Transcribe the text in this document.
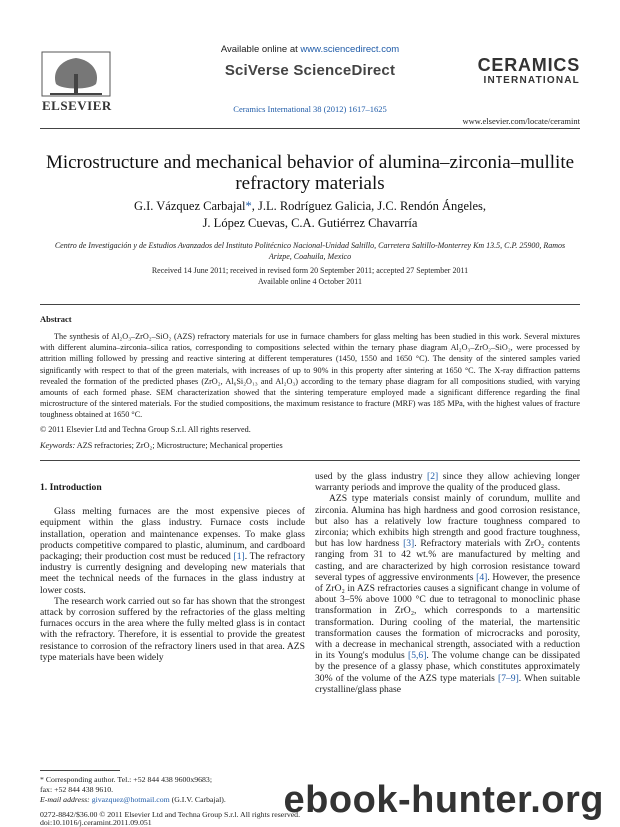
ELSEVIER
Available online at www.sciencedirect.com
SciVerse ScienceDirect
Ceramics International 38 (2012) 1617–1625
CERAMICS
INTERNATIONAL
www.elsevier.com/locate/ceramint
Microstructure and mechanical behavior of alumina–zirconia–mullite refractory materials
G.I. Vázquez Carbajal*, J.L. Rodríguez Galicia, J.C. Rendón Ángeles,
J. López Cuevas, C.A. Gutiérrez Chavarría
Centro de Investigación y de Estudios Avanzados del Instituto Politécnico Nacional-Unidad Saltillo, Carretera Saltillo-Monterrey Km 13.5, C.P. 25900, Ramos Arizpe, Coahuila, Mexico
Received 14 June 2011; received in revised form 20 September 2011; accepted 27 September 2011
Available online 4 October 2011
Abstract
The synthesis of Al₂O₃–ZrO₂–SiO₂ (AZS) refractory materials for use in furnace chambers for glass melting has been studied in this work. Several mixtures with different alumina–zirconia–silica ratios, corresponding to compositions selected within the ternary phase diagram Al₂O₃–ZrO₂–SiO₂, were processed by attrition milling followed by pressing and reactive sintering at different temperatures (1450, 1550 and 1650 °C). The density of the sintered samples varied significantly with respect to that of the green materials, with increases of up to 90% in this property after sintering at 1650 °C. The X-ray diffraction patterns revealed the formation of the predicted phases (ZrO₂, Al₆Si₂O₁₃ and Al₂O₃) according to the ternary phase diagram for all compositions studied, with varying amounts of each formed phase. SEM characterization showed that the sintering temperature employed made a significant difference regarding the final microstructure of the sintered materials. For the studied compositions, the maximum resistance to fracture (MRF) was 185 MPa, with the highest values of fracture toughness obtained at 1650 °C.
© 2011 Elsevier Ltd and Techna Group S.r.l. All rights reserved.
Keywords: AZS refractories; ZrO₂; Microstructure; Mechanical properties
1. Introduction

Glass melting furnaces are the most expensive pieces of equipment within the glass industry. Furnace costs include installation, operation and maintenance expenses. To make glass products competitive compared to plastic, aluminum, and cardboard packaging; their production cost must be reduced [1]. The refractory industry is currently designing and developing new materials that meet the technical needs of the furnaces in the glass industry at lower costs.

The research work carried out so far has shown that the strongest attack by corrosion suffered by the refractories of the glass melting furnaces occurs in the area where the fully melted glass is in contact with the refractory. Therefore, it is essential to provide the greatest resistance to corrosion of the refractory liners used in that area. AZS type materials have been widely

used by the glass industry [2] since they allow achieving longer warranty periods and improve the quality of the produced glass.

AZS type materials consist mainly of corundum, mullite and zirconia. Alumina has high hardness and good corrosion resistance, but also has a relatively low fracture toughness compared to zirconia; which exhibits high strength and good fracture toughness, but has low hardness [3]. Refractory materials with ZrO₂ contents ranging from 31 to 42 wt.% are manufactured by melting and casting, and are characterized by high corrosion resistance toward several types of aggressive environments [4]. However, the presence of ZrO₂ in AZS refractories causes a significant change in volume of about 3–5% above 1000 °C due to tetragonal to monoclinic phase transformation in ZrO₂, which corresponds to a martensitic transformation. During cooling of the material, the martensitic transformation causes the formation of microcracks and porosity, with a decrease in mechanical strength, associated with a reduction in its Young's modulus [5,6]. The volume change can be dissipated by the presence of a glassy phase, which constitutes approximately 30% of the volume of the AZS type materials [7–9]. When suitable crystalline/glass phase

* Corresponding author. Tel.: +52 844 438 9600x9683;
fax: +52 844 438 9610.
E-mail address: givazquez@hotmail.com (G.I.V. Carbajal).
0272-8842/$36.00 © 2011 Elsevier Ltd and Techna Group S.r.l. All rights reserved.
doi:10.1016/j.ceramint.2011.09.051
ebook-hunter.org
